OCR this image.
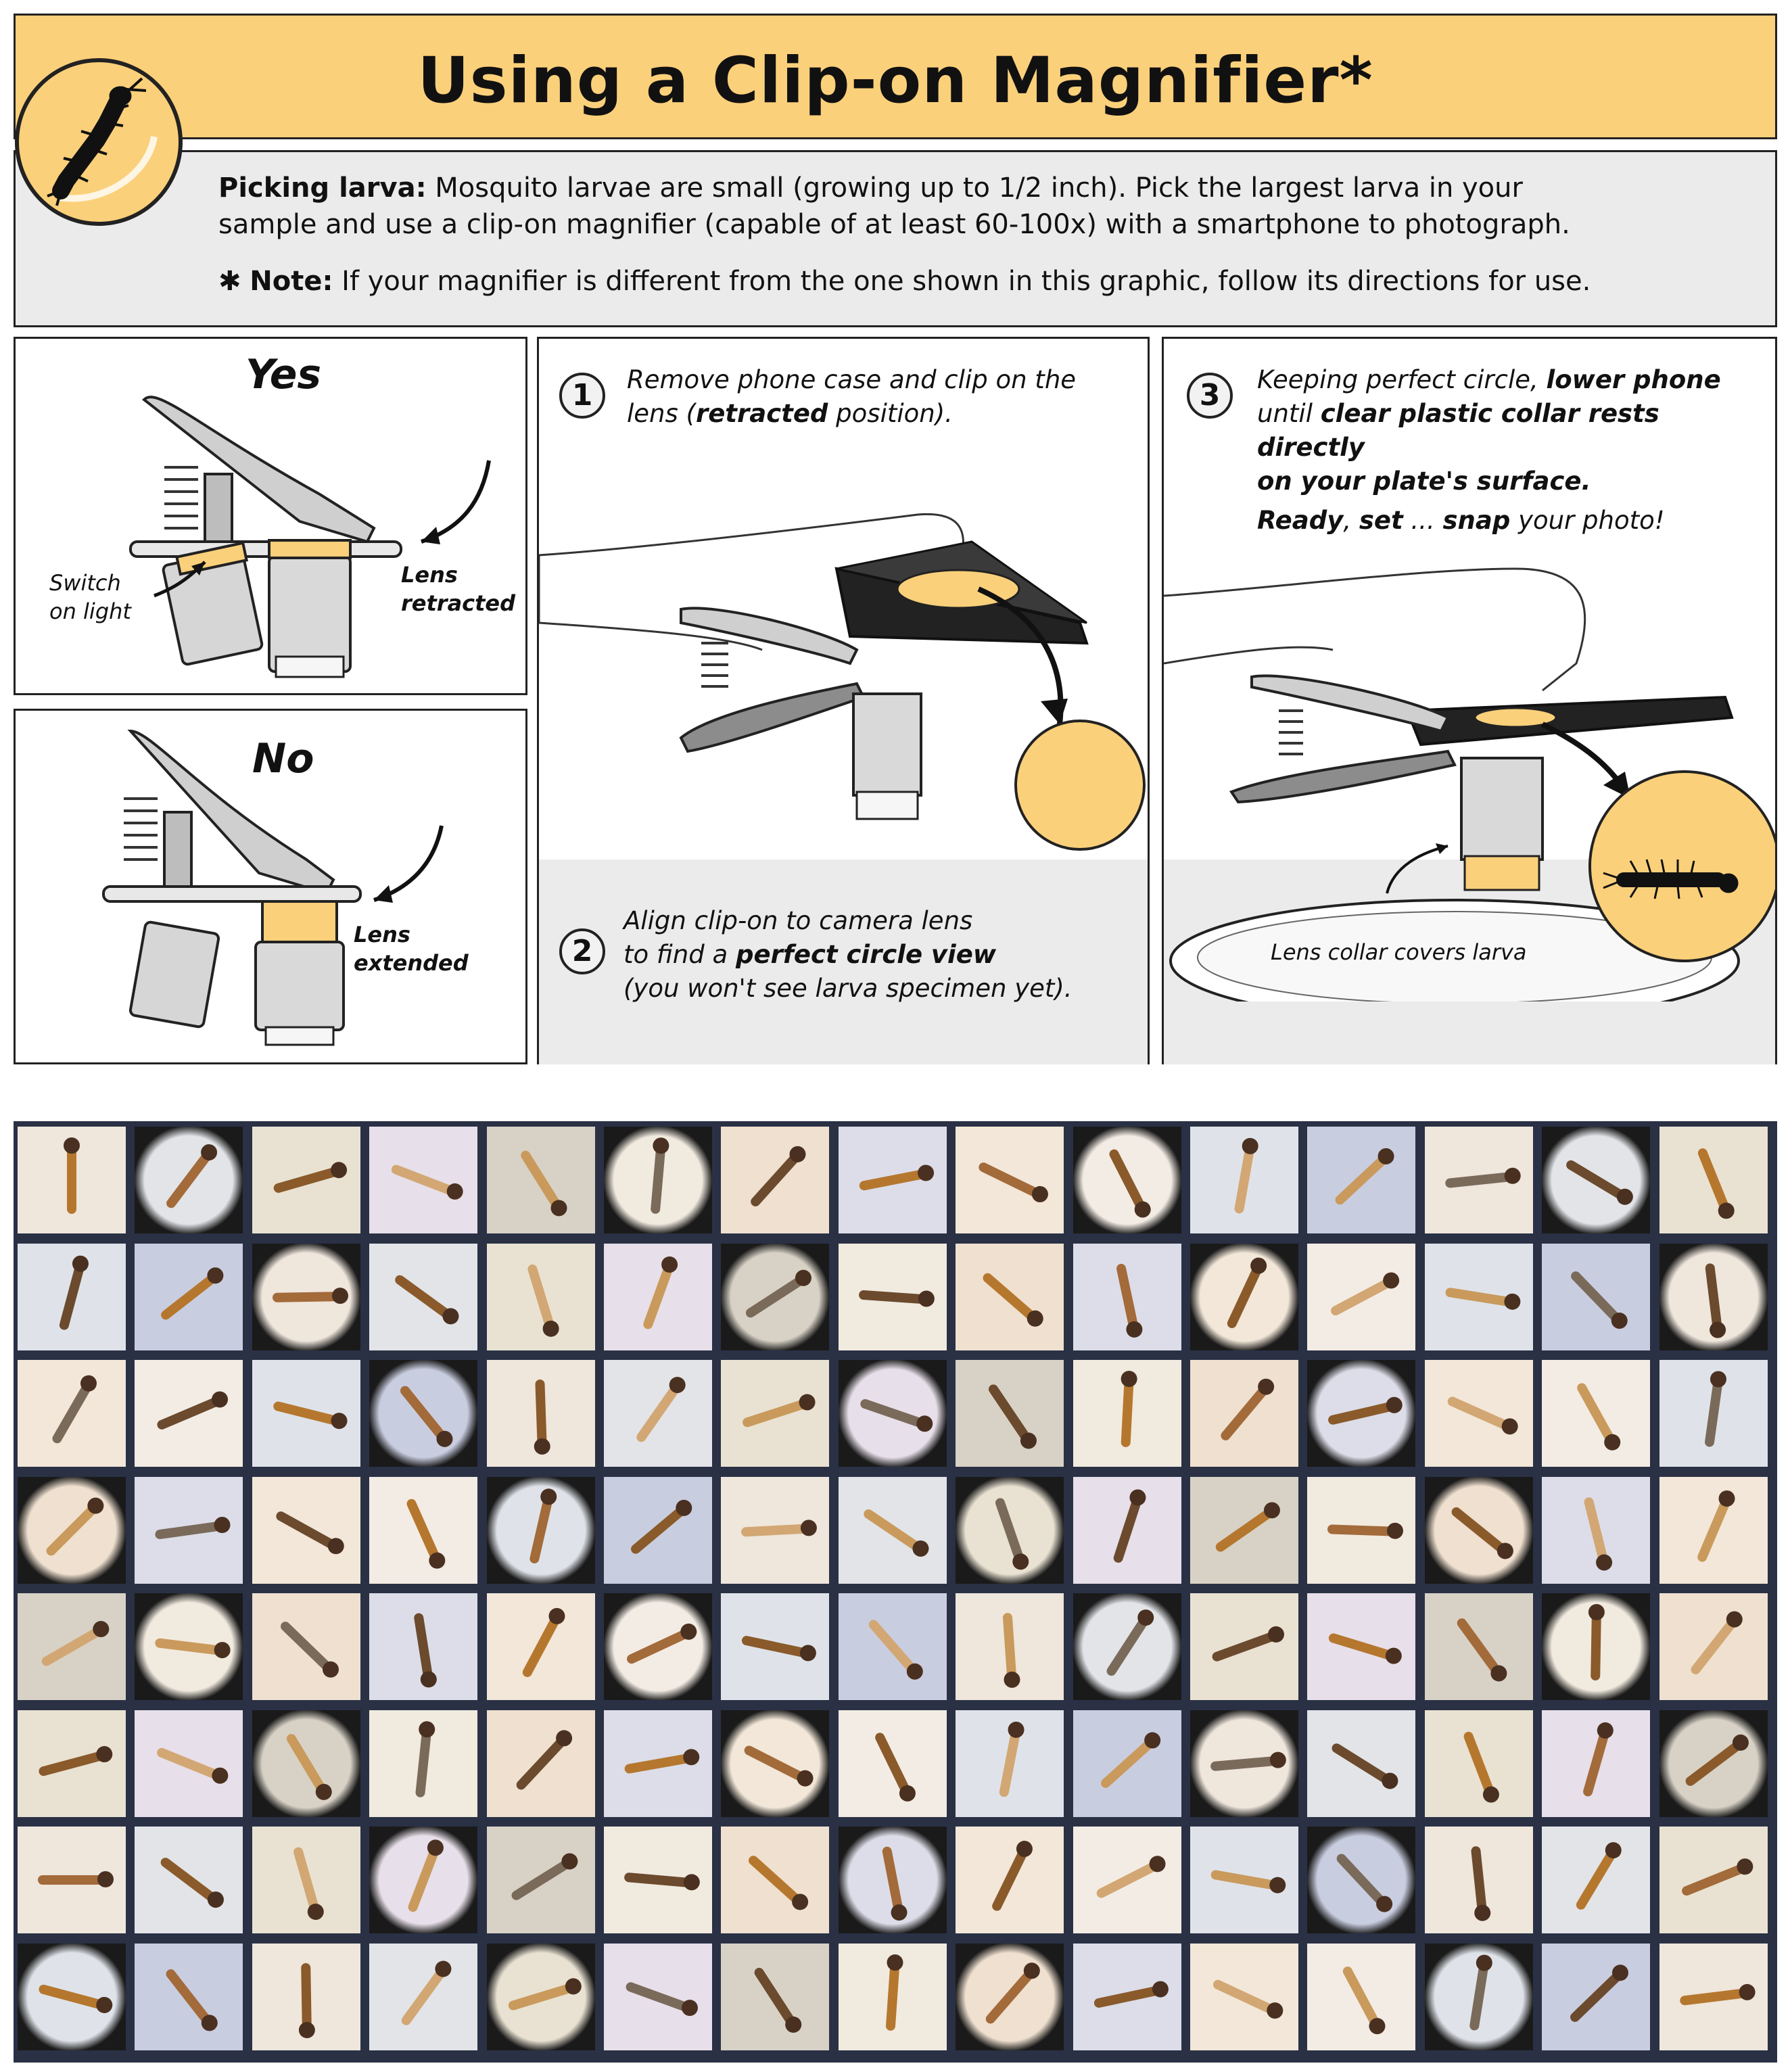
Using a Clip-on Magnifier*
Picking larva: Mosquito larvae are small (growing up to 1/2 inch). Pick the largest larva in your
sample and use a clip-on magnifier (capable of at least 60-100x) with a smartphone to photograph.
✱ Note: If your magnifier is different from the one shown in this graphic, follow its directions for use.
Yes
Switch
on light
Lens
retracted
No
Lens
extended
1	Remove phone case and clip on the
lens (retracted position).
2
Align clip-on to camera lens
to find a perfect circle view
(you won't see larva specimen yet).
3	Keeping perfect circle, lower phone
until clear plastic collar rests directly
on your plate's surface.
Ready, set ... snap your photo!
Lens collar covers larva
